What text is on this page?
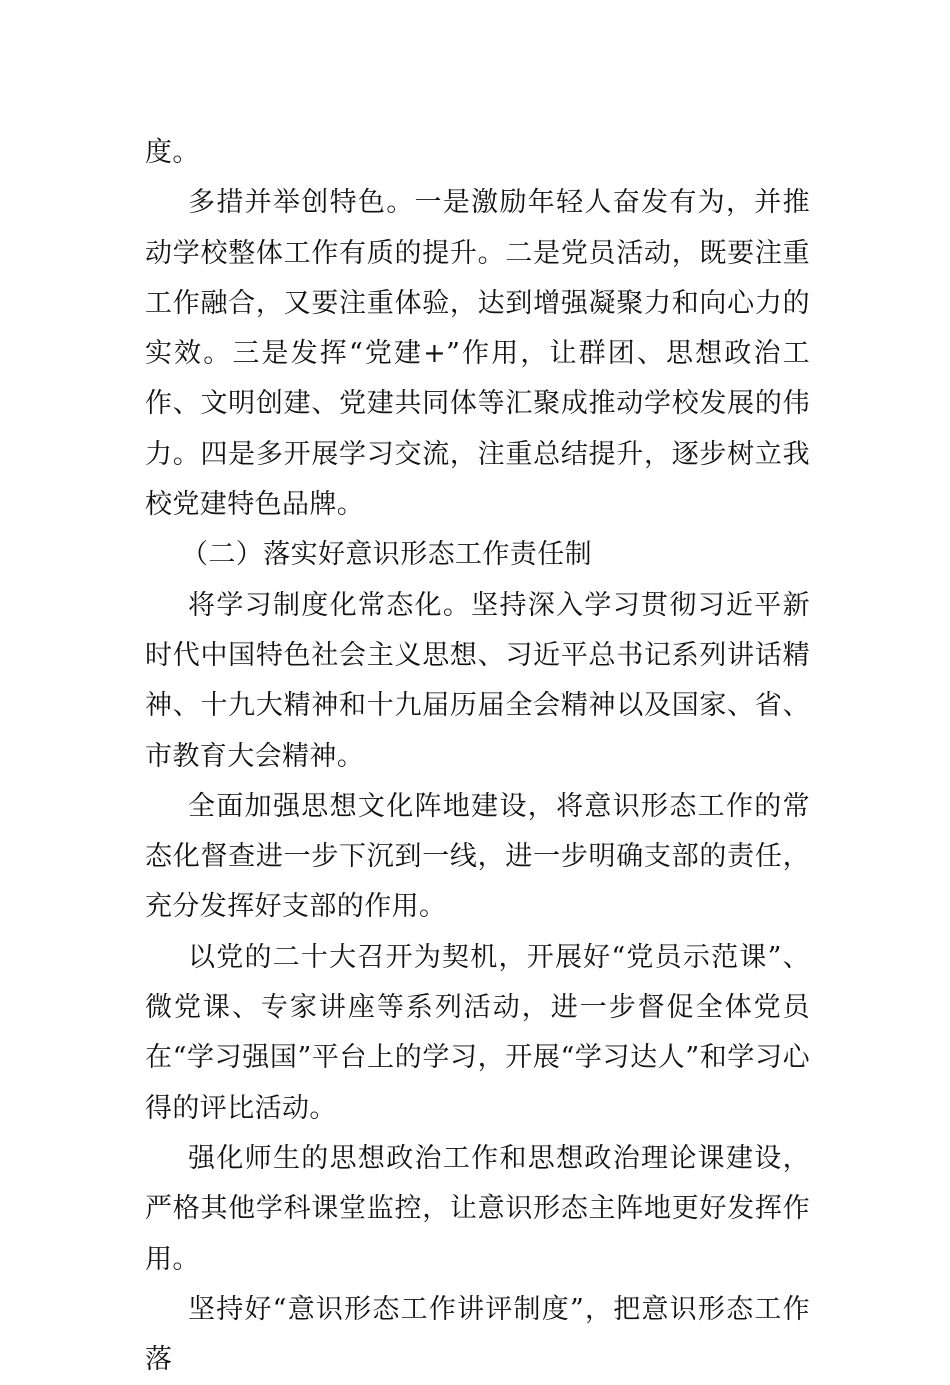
度。

多措并举创特色。一是激励年轻人奋发有为，并推动学校整体工作有质的提升。二是党员活动，既要注重工作融合，又要注重体验，达到增强凝聚力和向心力的实效。三是发挥“党建+”作用，让群团、思想政治工作、文明创建、党建共同体等汇聚成推动学校发展的伟力。四是多开展学习交流，注重总结提升，逐步树立我校党建特色品牌。

（二）落实好意识形态工作责任制

将学习制度化常态化。坚持深入学习贯彻习近平新时代中国特色社会主义思想、习近平总书记系列讲话精神、十九大精神和十九届历届全会精神以及国家、省、市教育大会精神。

全面加强思想文化阵地建设，将意识形态工作的常态化督查进一步下沉到一线，进一步明确支部的责任，充分发挥好支部的作用。

以党的二十大召开为契机，开展好“党员示范课”、微党课、专家讲座等系列活动，进一步督促全体党员在“学习强国”平台上的学习，开展“学习达人”和学习心得的评比活动。

强化师生的思想政治工作和思想政治理论课建设，严格其他学科课堂监控，让意识形态主阵地更好发挥作用。

坚持好“意识形态工作讲评制度”，把意识形态工作落
